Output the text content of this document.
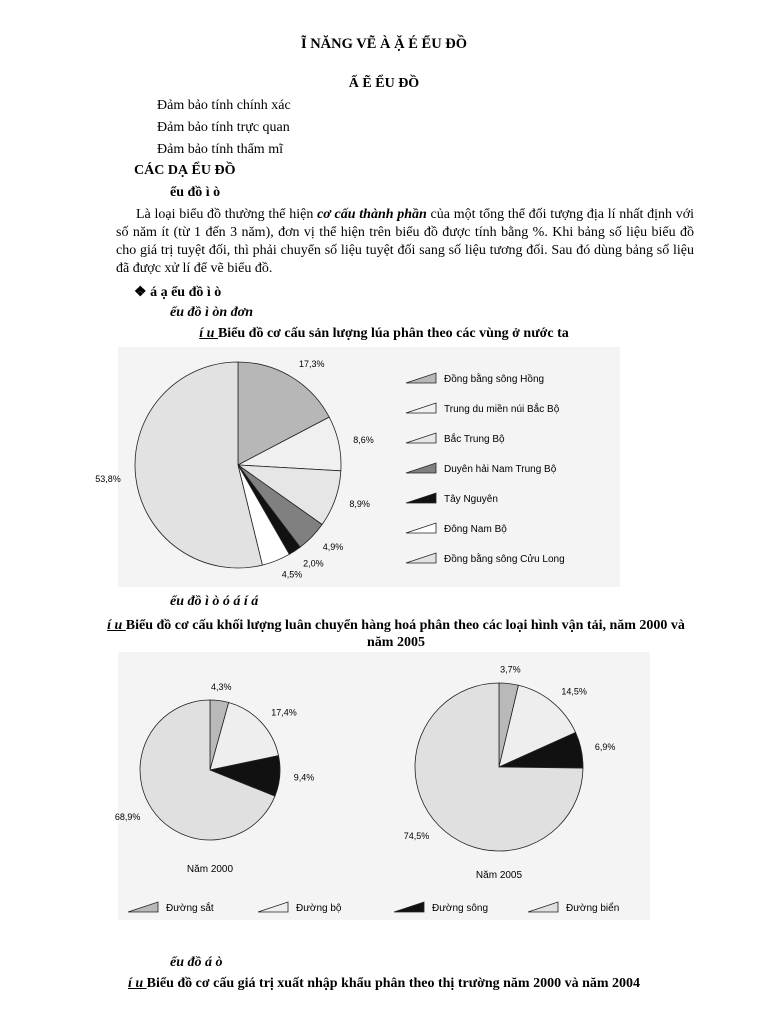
Ĩ NĂNG VẼ À Ặ É ỂU ĐỒ
Ấ Ẽ ỂU ĐỒ
Đảm bảo tính chính xác
Đảm bảo tính trực quan
Đảm bảo tính thẩm mĩ
CÁC DẠ ỂU ĐỒ
ểu đồ ì ò
Là loại biểu đồ thường thể hiện cơ cấu thành phần của một tổng thể đối tượng địa lí nhất định với số năm ít (từ 1 đến 3 năm), đơn vị thể hiện trên biểu đồ được tính bằng %. Khi bảng số liệu biểu đồ cho giá trị tuyệt đối, thì phải chuyển số liệu tuyệt đối sang số liệu tương đối. Sau đó dùng bảng số liệu đã được xử lí để vẽ biểu đồ.
❖ á ạ ểu đồ ì ò
ểu đồ ì òn đơn
í u Biểu đồ cơ cấu sản lượng lúa phân theo các vùng ở nước ta
17,3%
8,6%
8,9%
4,9%
2,0%
4,5%
53,8%
Đồng bằng sông Hồng
Trung du miền núi Bắc Bộ
Bắc Trung Bộ
Duyên hải Nam Trung Bộ
Tây Nguyên
Đông Nam Bộ
Đồng bằng sông Cửu Long
ểu đồ ì ò ó á í á
í u Biểu đồ cơ cấu khối lượng luân chuyển hàng hoá phân theo các loại hình vận tải, năm 2000 và năm 2005
4,3%
17,4%
9,4%
68,9%
3,7%
14,5%
6,9%
74,5%
Năm 2000
Năm 2005
Đường sắt	Đường bộ	Đường sông	Đường biển
ểu đồ á ò
í u Biểu đồ cơ cấu giá trị xuất nhập khẩu phân theo thị trường năm 2000 và năm 2004
